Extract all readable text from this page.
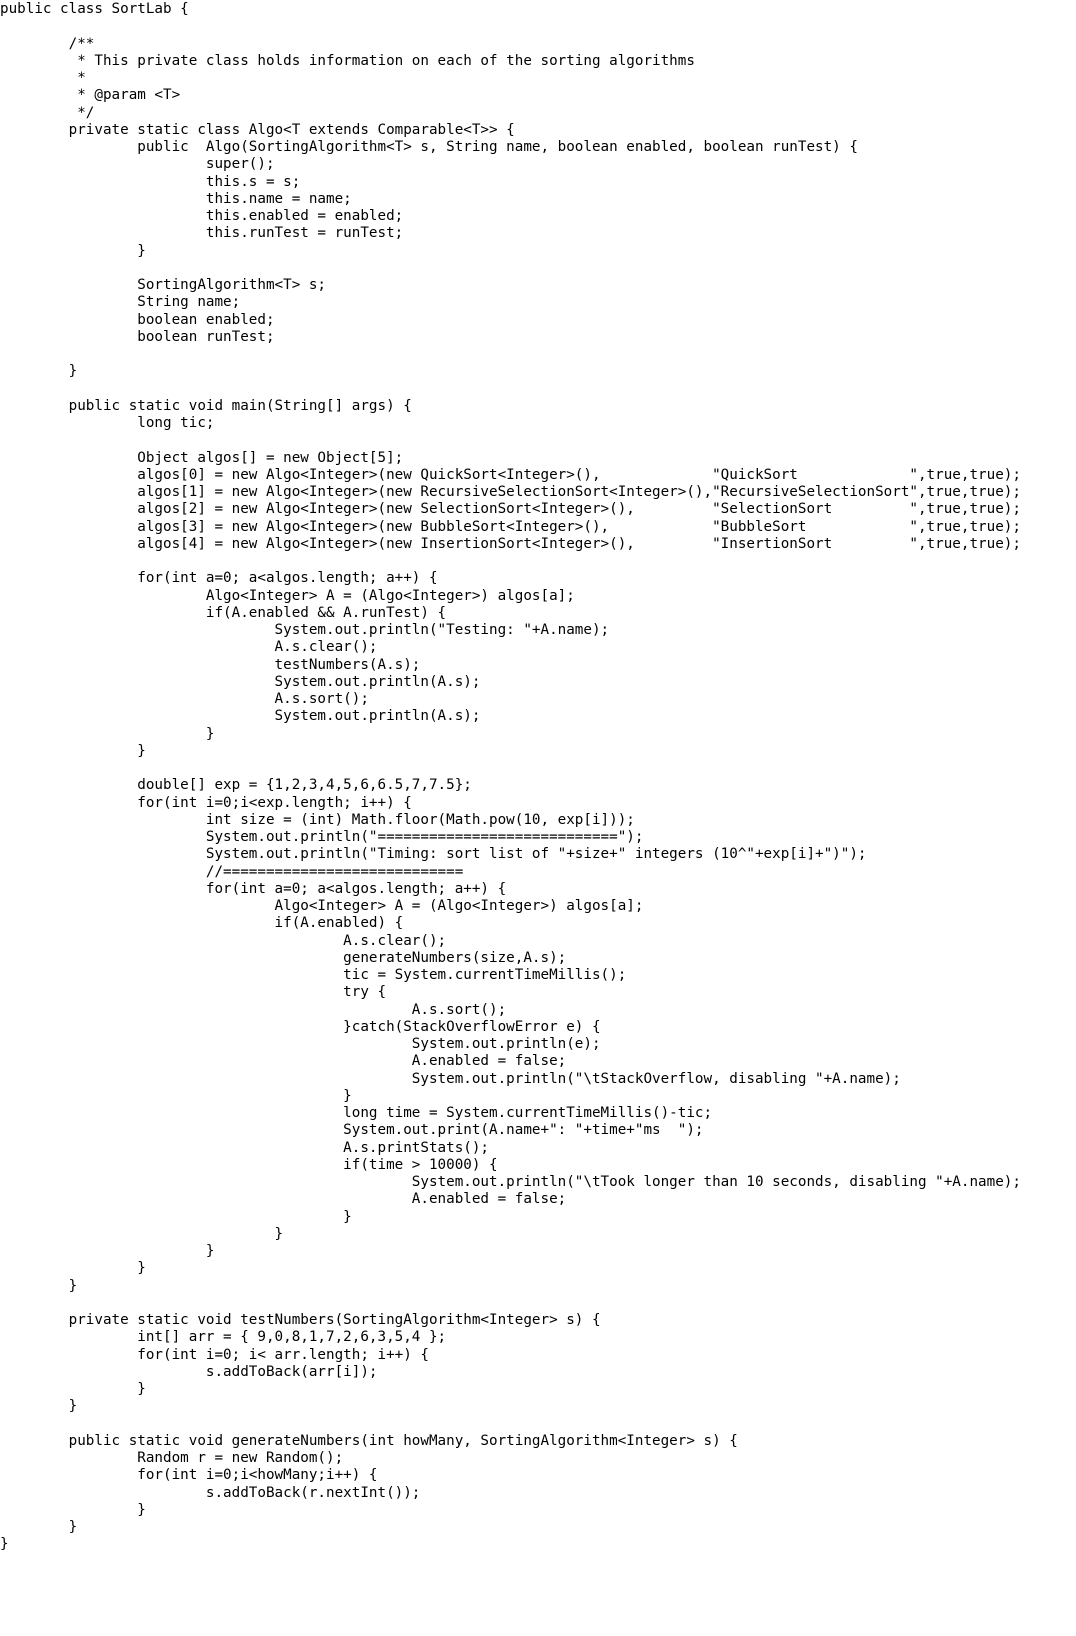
public class SortLab {
/**
* This private class holds information on each of the sorting algorithms
*
* @param <T>
*/
private static class Algo<T extends Comparable<T>> {
public  Algo(SortingAlgorithm<T> s, String name, boolean enabled, boolean runTest) {
super();
this.s = s;
this.name = name;
this.enabled = enabled;
this.runTest = runTest;
}
SortingAlgorithm<T> s;
String name;
boolean enabled;
boolean runTest;
}
public static void main(String[] args) {
long tic;
Object algos[] = new Object[5];
algos[0] = new Algo<Integer>(new QuickSort<Integer>(),             "QuickSort             ",true,true);
algos[1] = new Algo<Integer>(new RecursiveSelectionSort<Integer>(),"RecursiveSelectionSort",true,true);
algos[2] = new Algo<Integer>(new SelectionSort<Integer>(),         "SelectionSort         ",true,true);
algos[3] = new Algo<Integer>(new BubbleSort<Integer>(),            "BubbleSort            ",true,true);
algos[4] = new Algo<Integer>(new InsertionSort<Integer>(),         "InsertionSort         ",true,true);
for(int a=0; a<algos.length; a++) {
Algo<Integer> A = (Algo<Integer>) algos[a];
if(A.enabled && A.runTest) {
System.out.println("Testing: "+A.name);
A.s.clear();
testNumbers(A.s);
System.out.println(A.s);
A.s.sort();
System.out.println(A.s);
}
}
double[] exp = {1,2,3,4,5,6,6.5,7,7.5};
for(int i=0;i<exp.length; i++) {
int size = (int) Math.floor(Math.pow(10, exp[i]));
System.out.println("============================");
System.out.println("Timing: sort list of "+size+" integers (10^"+exp[i]+")");
//============================
for(int a=0; a<algos.length; a++) {
Algo<Integer> A = (Algo<Integer>) algos[a];
if(A.enabled) {
A.s.clear();
generateNumbers(size,A.s);
tic = System.currentTimeMillis();
try {
A.s.sort();
}catch(StackOverflowError e) {
System.out.println(e);
A.enabled = false;
System.out.println("\tStackOverflow, disabling "+A.name);
}
long time = System.currentTimeMillis()-tic;
System.out.print(A.name+": "+time+"ms  ");
A.s.printStats();
if(time > 10000) {
System.out.println("\tTook longer than 10 seconds, disabling "+A.name);
A.enabled = false;
}
}
}
}
}
private static void testNumbers(SortingAlgorithm<Integer> s) {
int[] arr = { 9,0,8,1,7,2,6,3,5,4 };
for(int i=0; i< arr.length; i++) {
s.addToBack(arr[i]);
}
}
public static void generateNumbers(int howMany, SortingAlgorithm<Integer> s) {
Random r = new Random();
for(int i=0;i<howMany;i++) {
s.addToBack(r.nextInt());
}
}
}
